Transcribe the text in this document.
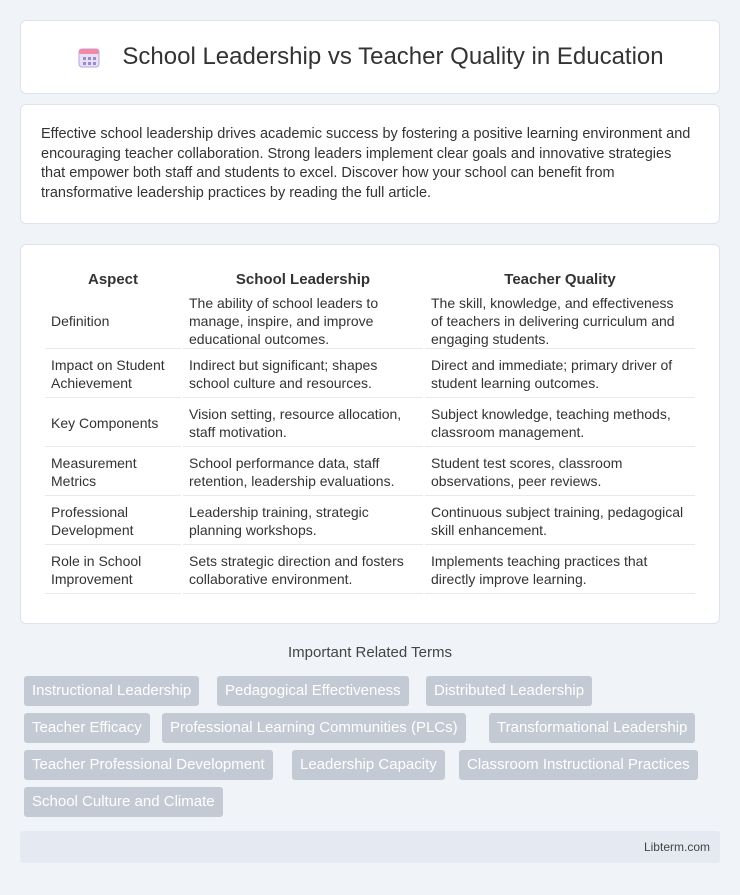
School Leadership vs Teacher Quality in Education

Effective school leadership drives academic success by fostering a positive learning environment and encouraging teacher collaboration. Strong leaders implement clear goals and innovative strategies that empower both staff and students to excel. Discover how your school can benefit from transformative leadership practices by reading the full article.

Aspect	School Leadership	Teacher Quality
Definition	The ability of school leaders to manage, inspire, and improve educational outcomes.	The skill, knowledge, and effectiveness of teachers in delivering curriculum and engaging students.
Impact on Student Achievement	Indirect but significant; shapes school culture and resources.	Direct and immediate; primary driver of student learning outcomes.
Key Components	Vision setting, resource allocation, staff motivation.	Subject knowledge, teaching methods, classroom management.
Measurement Metrics	School performance data, staff retention, leadership evaluations.	Student test scores, classroom observations, peer reviews.
Professional Development	Leadership training, strategic planning workshops.	Continuous subject training, pedagogical skill enhancement.
Role in School Improvement	Sets strategic direction and fosters collaborative environment.	Implements teaching practices that directly improve learning.
Important Related Terms
Instructional Leadership	Pedagogical Effectiveness	Distributed Leadership
Teacher Efficacy	Professional Learning Communities (PLCs)	Transformational Leadership
Teacher Professional Development	Leadership Capacity	Classroom Instructional Practices
School Culture and Climate
Libterm.com
